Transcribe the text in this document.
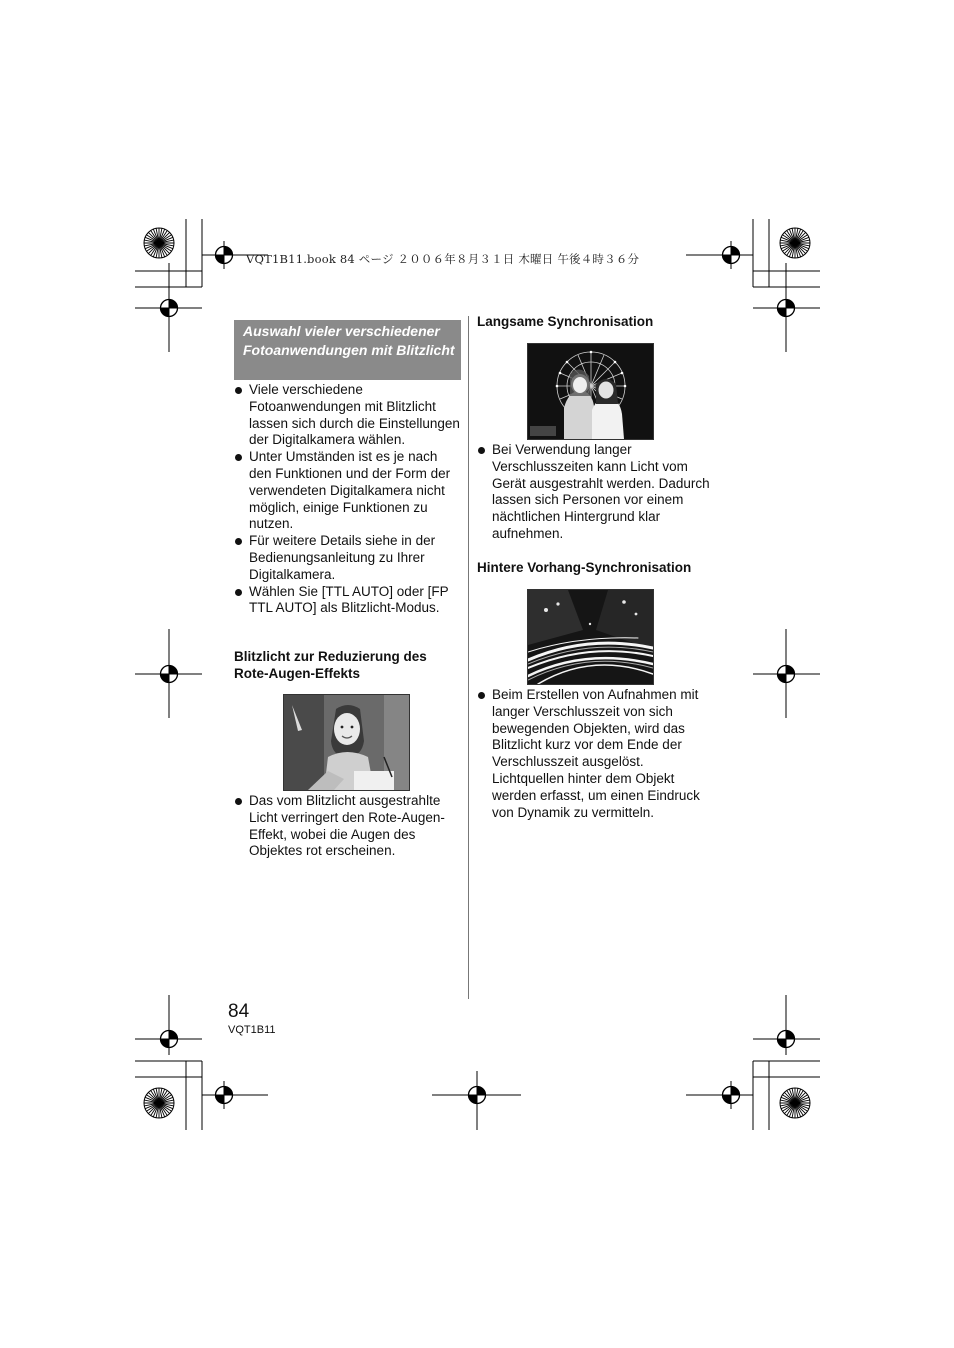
VQT1B11.book 84 ページ ２００６年８月３１日 木曜日 午後４時３６分
Auswahl vieler verschiedener Fotoanwendungen mit Blitzlicht
Viele verschiedene Fotoanwendungen mit Blitzlicht lassen sich durch die Einstellungen der Digitalkamera wählen.
Unter Umständen ist es je nach den Funktionen und der Form der verwendeten Digitalkamera nicht möglich, einige Funktionen zu nutzen.
Für weitere Details siehe in der Bedienungsanleitung zu Ihrer Digitalkamera.
Wählen Sie [TTL AUTO] oder [FP TTL AUTO] als Blitzlicht-Modus.
Blitzlicht zur Reduzierung des Rote-Augen-Effekts
Das vom Blitzlicht ausgestrahlte Licht verringert den Rote-Augen-Effekt, wobei die Augen des Objektes rot erscheinen.
Langsame Synchronisation
Bei Verwendung langer Verschlusszeiten kann Licht vom Gerät ausgestrahlt werden. Dadurch lassen sich Personen vor einem nächtlichen Hintergrund klar aufnehmen.
Hintere Vorhang-Synchronisation
Beim Erstellen von Aufnahmen mit langer Verschlusszeit von sich bewegenden Objekten, wird das Blitzlicht kurz vor dem Ende der Verschlusszeit ausgelöst. Lichtquellen hinter dem Objekt werden erfasst, um einen Eindruck von Dynamik zu vermitteln.
84
VQT1B11
